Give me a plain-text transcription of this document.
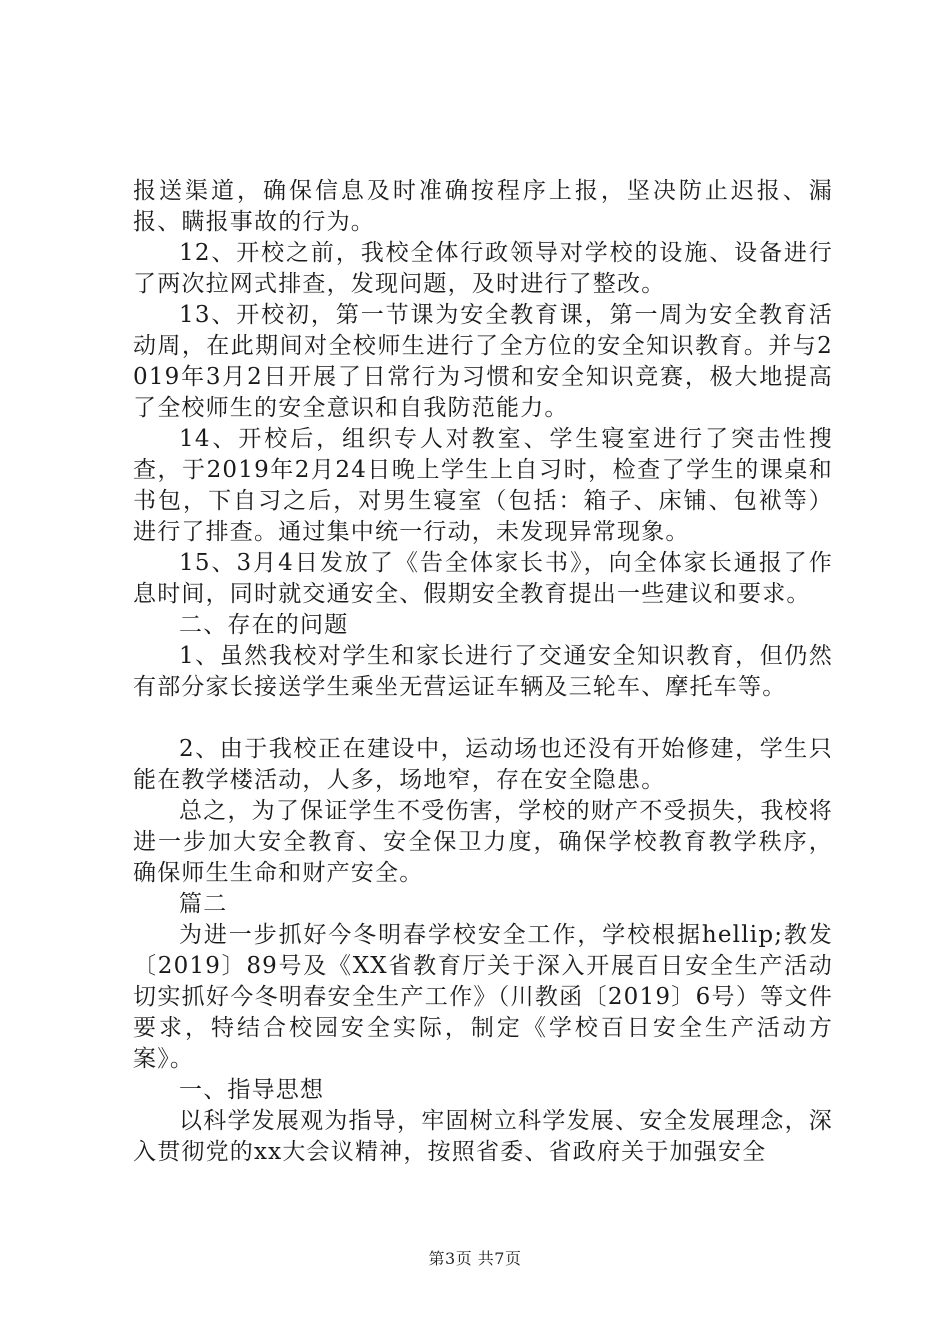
报送渠道，确保信息及时准确按程序上报，坚决防止迟报、漏报、瞒报事故的行为。

12、开校之前，我校全体行政领导对学校的设施、设备进行了两次拉网式排查，发现问题，及时进行了整改。

13、开校初，第一节课为安全教育课，第一周为安全教育活动周，在此期间对全校师生进行了全方位的安全知识教育。并与2019年3月2日开展了日常行为习惯和安全知识竞赛，极大地提高了全校师生的安全意识和自我防范能力。

14、开校后，组织专人对教室、学生寝室进行了突击性搜查，于2019年2月24日晚上学生上自习时，检查了学生的课桌和书包，下自习之后，对男生寝室（包括：箱子、床铺、包袱等）进行了排查。通过集中统一行动，未发现异常现象。

15、3月4日发放了《告全体家长书》，向全体家长通报了作息时间，同时就交通安全、假期安全教育提出一些建议和要求。

二、存在的问题

1、虽然我校对学生和家长进行了交通安全知识教育，但仍然有部分家长接送学生乘坐无营运证车辆及三轮车、摩托车等。

2、由于我校正在建设中，运动场也还没有开始修建，学生只能在教学楼活动，人多，场地窄，存在安全隐患。

总之，为了保证学生不受伤害，学校的财产不受损失，我校将进一步加大安全教育、安全保卫力度，确保学校教育教学秩序，确保师生生命和财产安全。

篇二

为进一步抓好今冬明春学校安全工作，学校根据hellip;教发〔2019〕89号及《XX省教育厅关于深入开展百日安全生产活动切实抓好今冬明春安全生产工作》（川教函〔2019〕6号）等文件要求，特结合校园安全实际，制定《学校百日安全生产活动方案》。

一、指导思想

以科学发展观为指导，牢固树立科学发展、安全发展理念，深入贯彻党的xx大会议精神，按照省委、省政府关于加强安全

第3页 共7页
